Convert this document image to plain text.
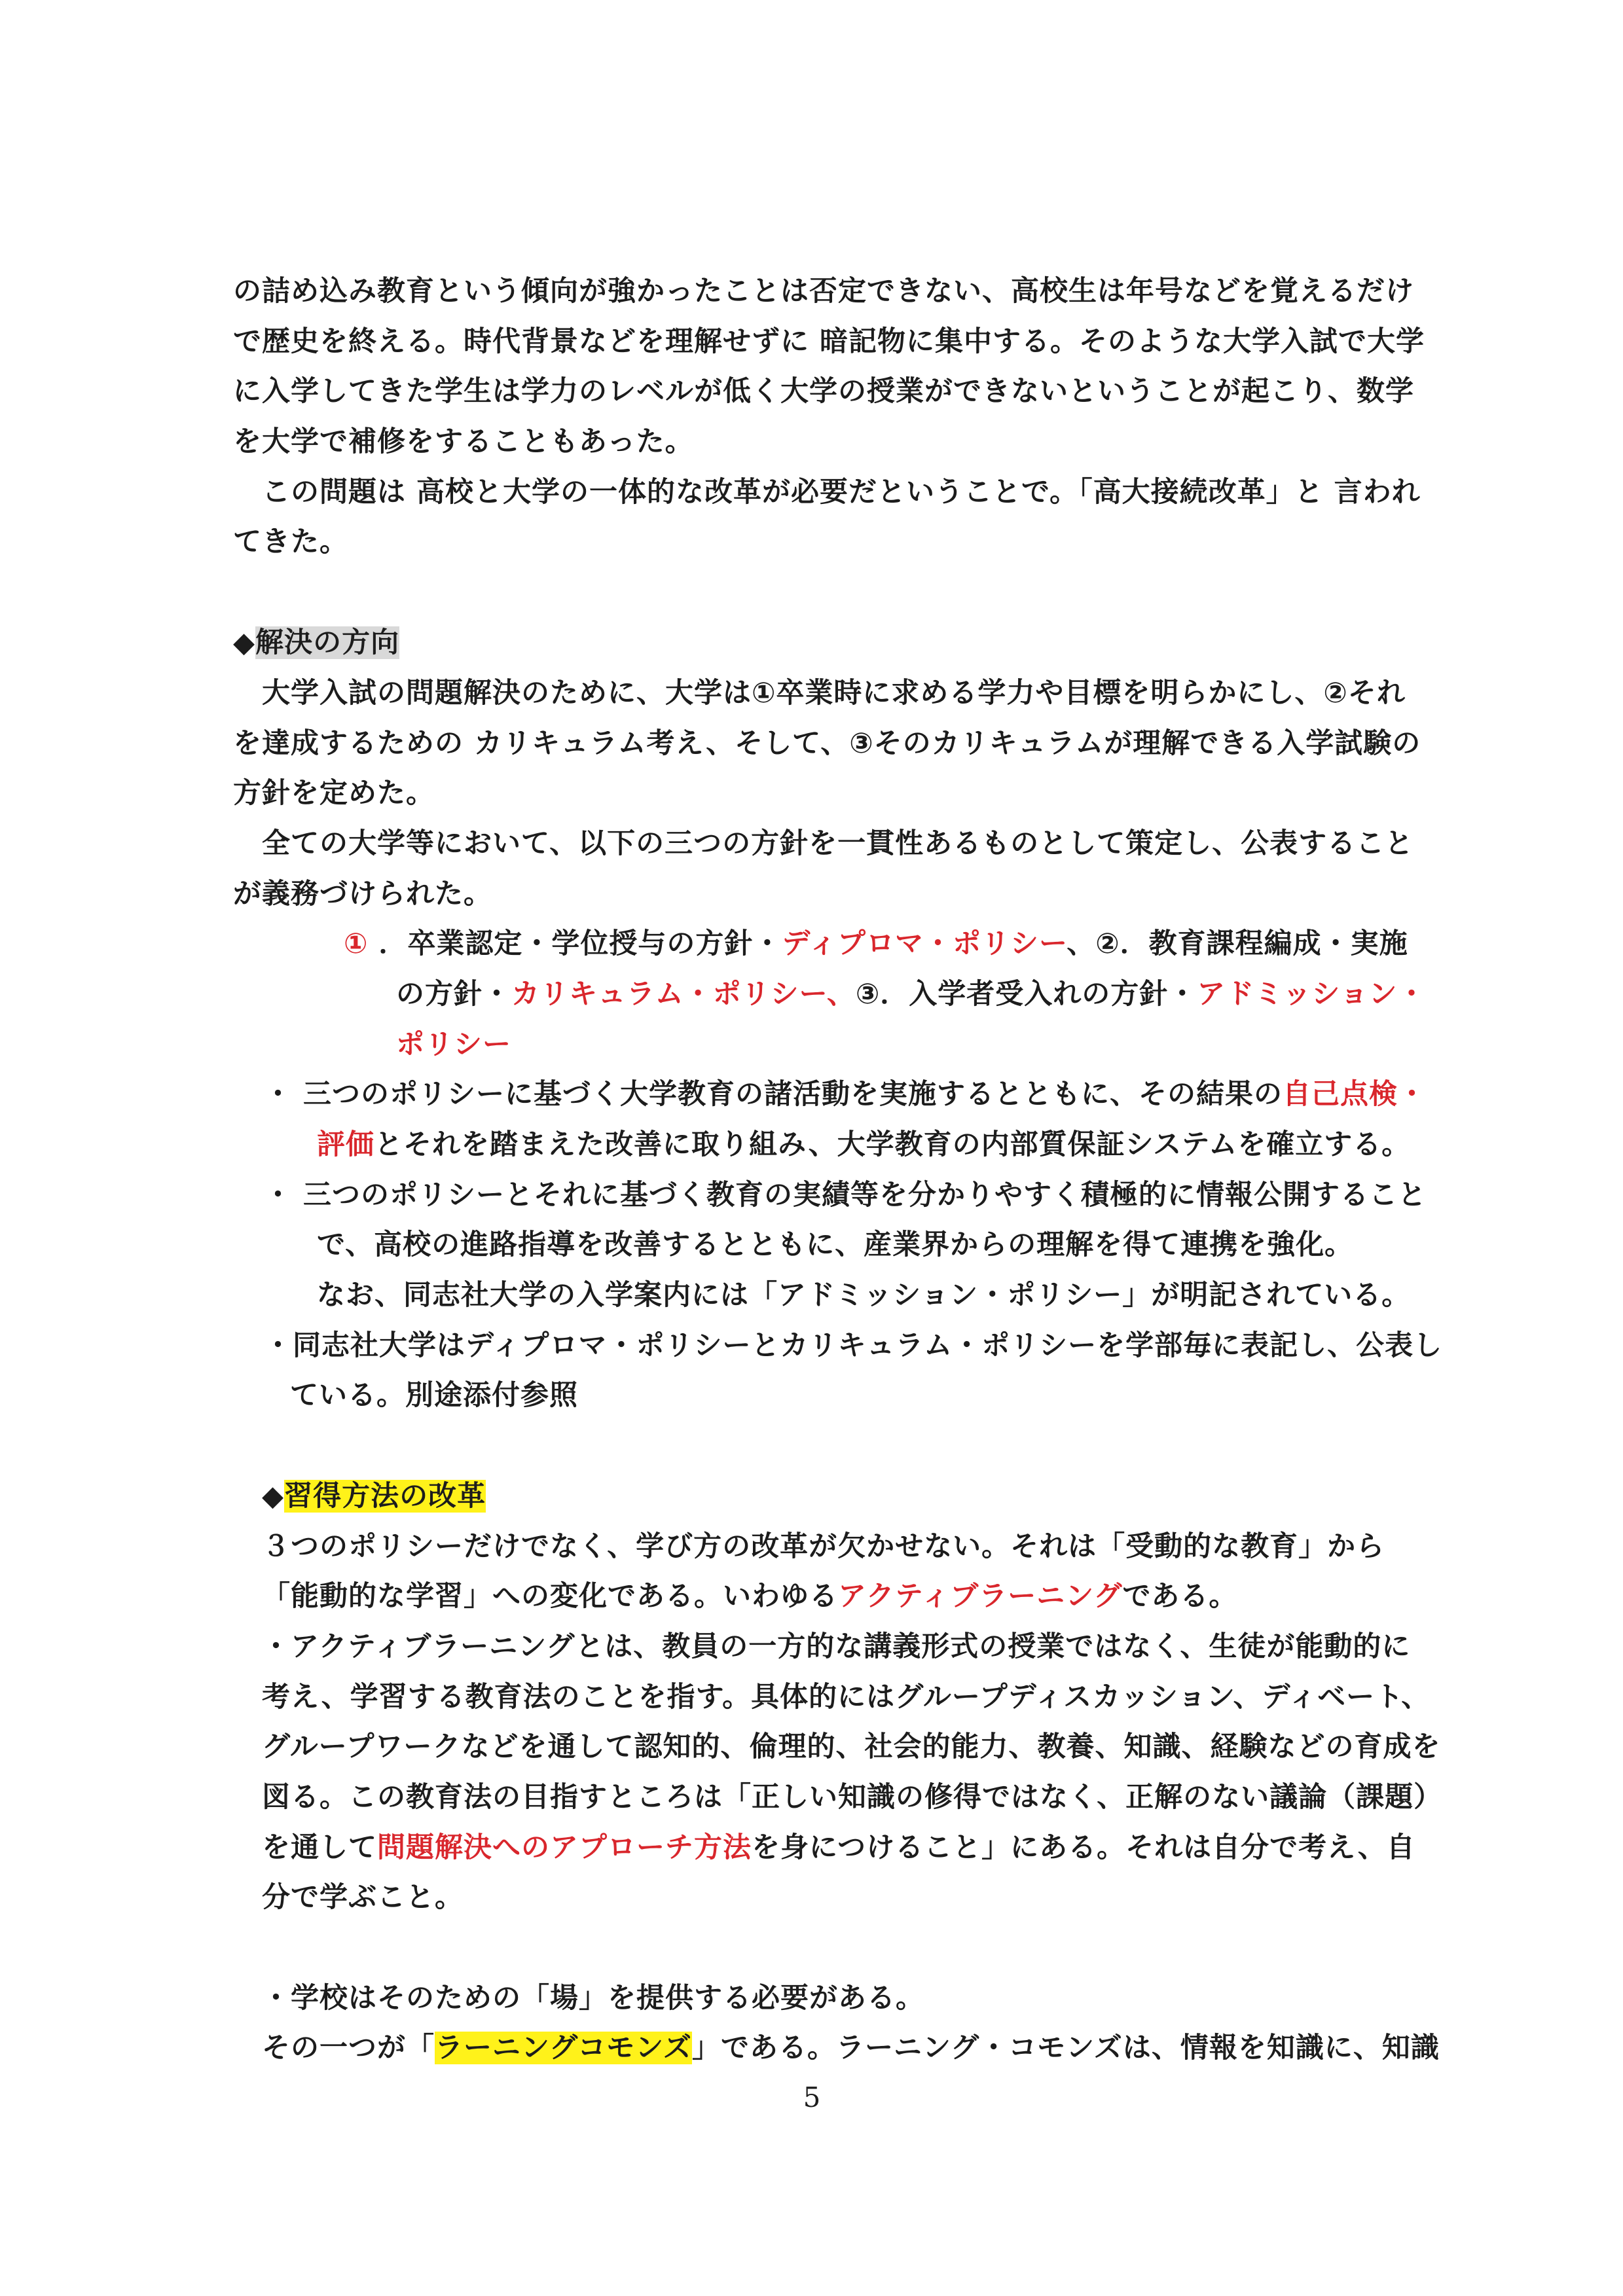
の詰め込み教育という傾向が強かったことは否定できない、高校生は年号などを覚えるだけ
で歴史を終える。時代背景などを理解せずに 暗記物に集中する。そのような大学入試で大学
に入学してきた学生は学力のレベルが低く大学の授業ができないということが起こり、数学
を大学で補修をすることもあった。
この問題は 高校と大学の一体的な改革が必要だということで。「高大接続改革」と 言われ
てきた。
◆解決の方向
大学入試の問題解決のために、大学は①卒業時に求める学力や目標を明らかにし、②それ
を達成するための カリキュラム考え、そして、③そのカリキュラムが理解できる入学試験の
方針を定めた。
全ての大学等において、以下の三つの方針を一貫性あるものとして策定し、公表すること
が義務づけられた。
① ．卒業認定・学位授与の方針・ディプロマ・ポリシー、②．教育課程編成・実施
の方針・カリキュラム・ポリシー、③．入学者受入れの方針・アドミッション・
ポリシー
・ 三つのポリシーに基づく大学教育の諸活動を実施するとともに、その結果の自己点検・
評価とそれを踏まえた改善に取り組み、大学教育の内部質保証システムを確立する。
・ 三つのポリシーとそれに基づく教育の実績等を分かりやすく積極的に情報公開すること
で、高校の進路指導を改善するとともに、産業界からの理解を得て連携を強化。
なお、同志社大学の入学案内には「アドミッション・ポリシー」が明記されている。
・同志社大学はディプロマ・ポリシーとカリキュラム・ポリシーを学部毎に表記し、公表し
ている。別途添付参照
◆習得方法の改革
３つのポリシーだけでなく、学び方の改革が欠かせない。それは「受動的な教育」から
「能動的な学習」への変化である。いわゆるアクティブラーニングである。
・アクティブラーニングとは、教員の一方的な講義形式の授業ではなく、生徒が能動的に
考え、学習する教育法のことを指す。具体的にはグループディスカッション、ディベート、
グループワークなどを通して認知的、倫理的、社会的能力、教養、知識、経験などの育成を
図る。この教育法の目指すところは「正しい知識の修得ではなく、正解のない議論（課題）
を通して問題解決へのアプローチ方法を身につけること」にある。それは自分で考え、自
分で学ぶこと。
・学校はそのための「場」を提供する必要がある。
その一つが「ラーニングコモンズ」である。ラーニング・コモンズは、情報を知識に、知識
5
